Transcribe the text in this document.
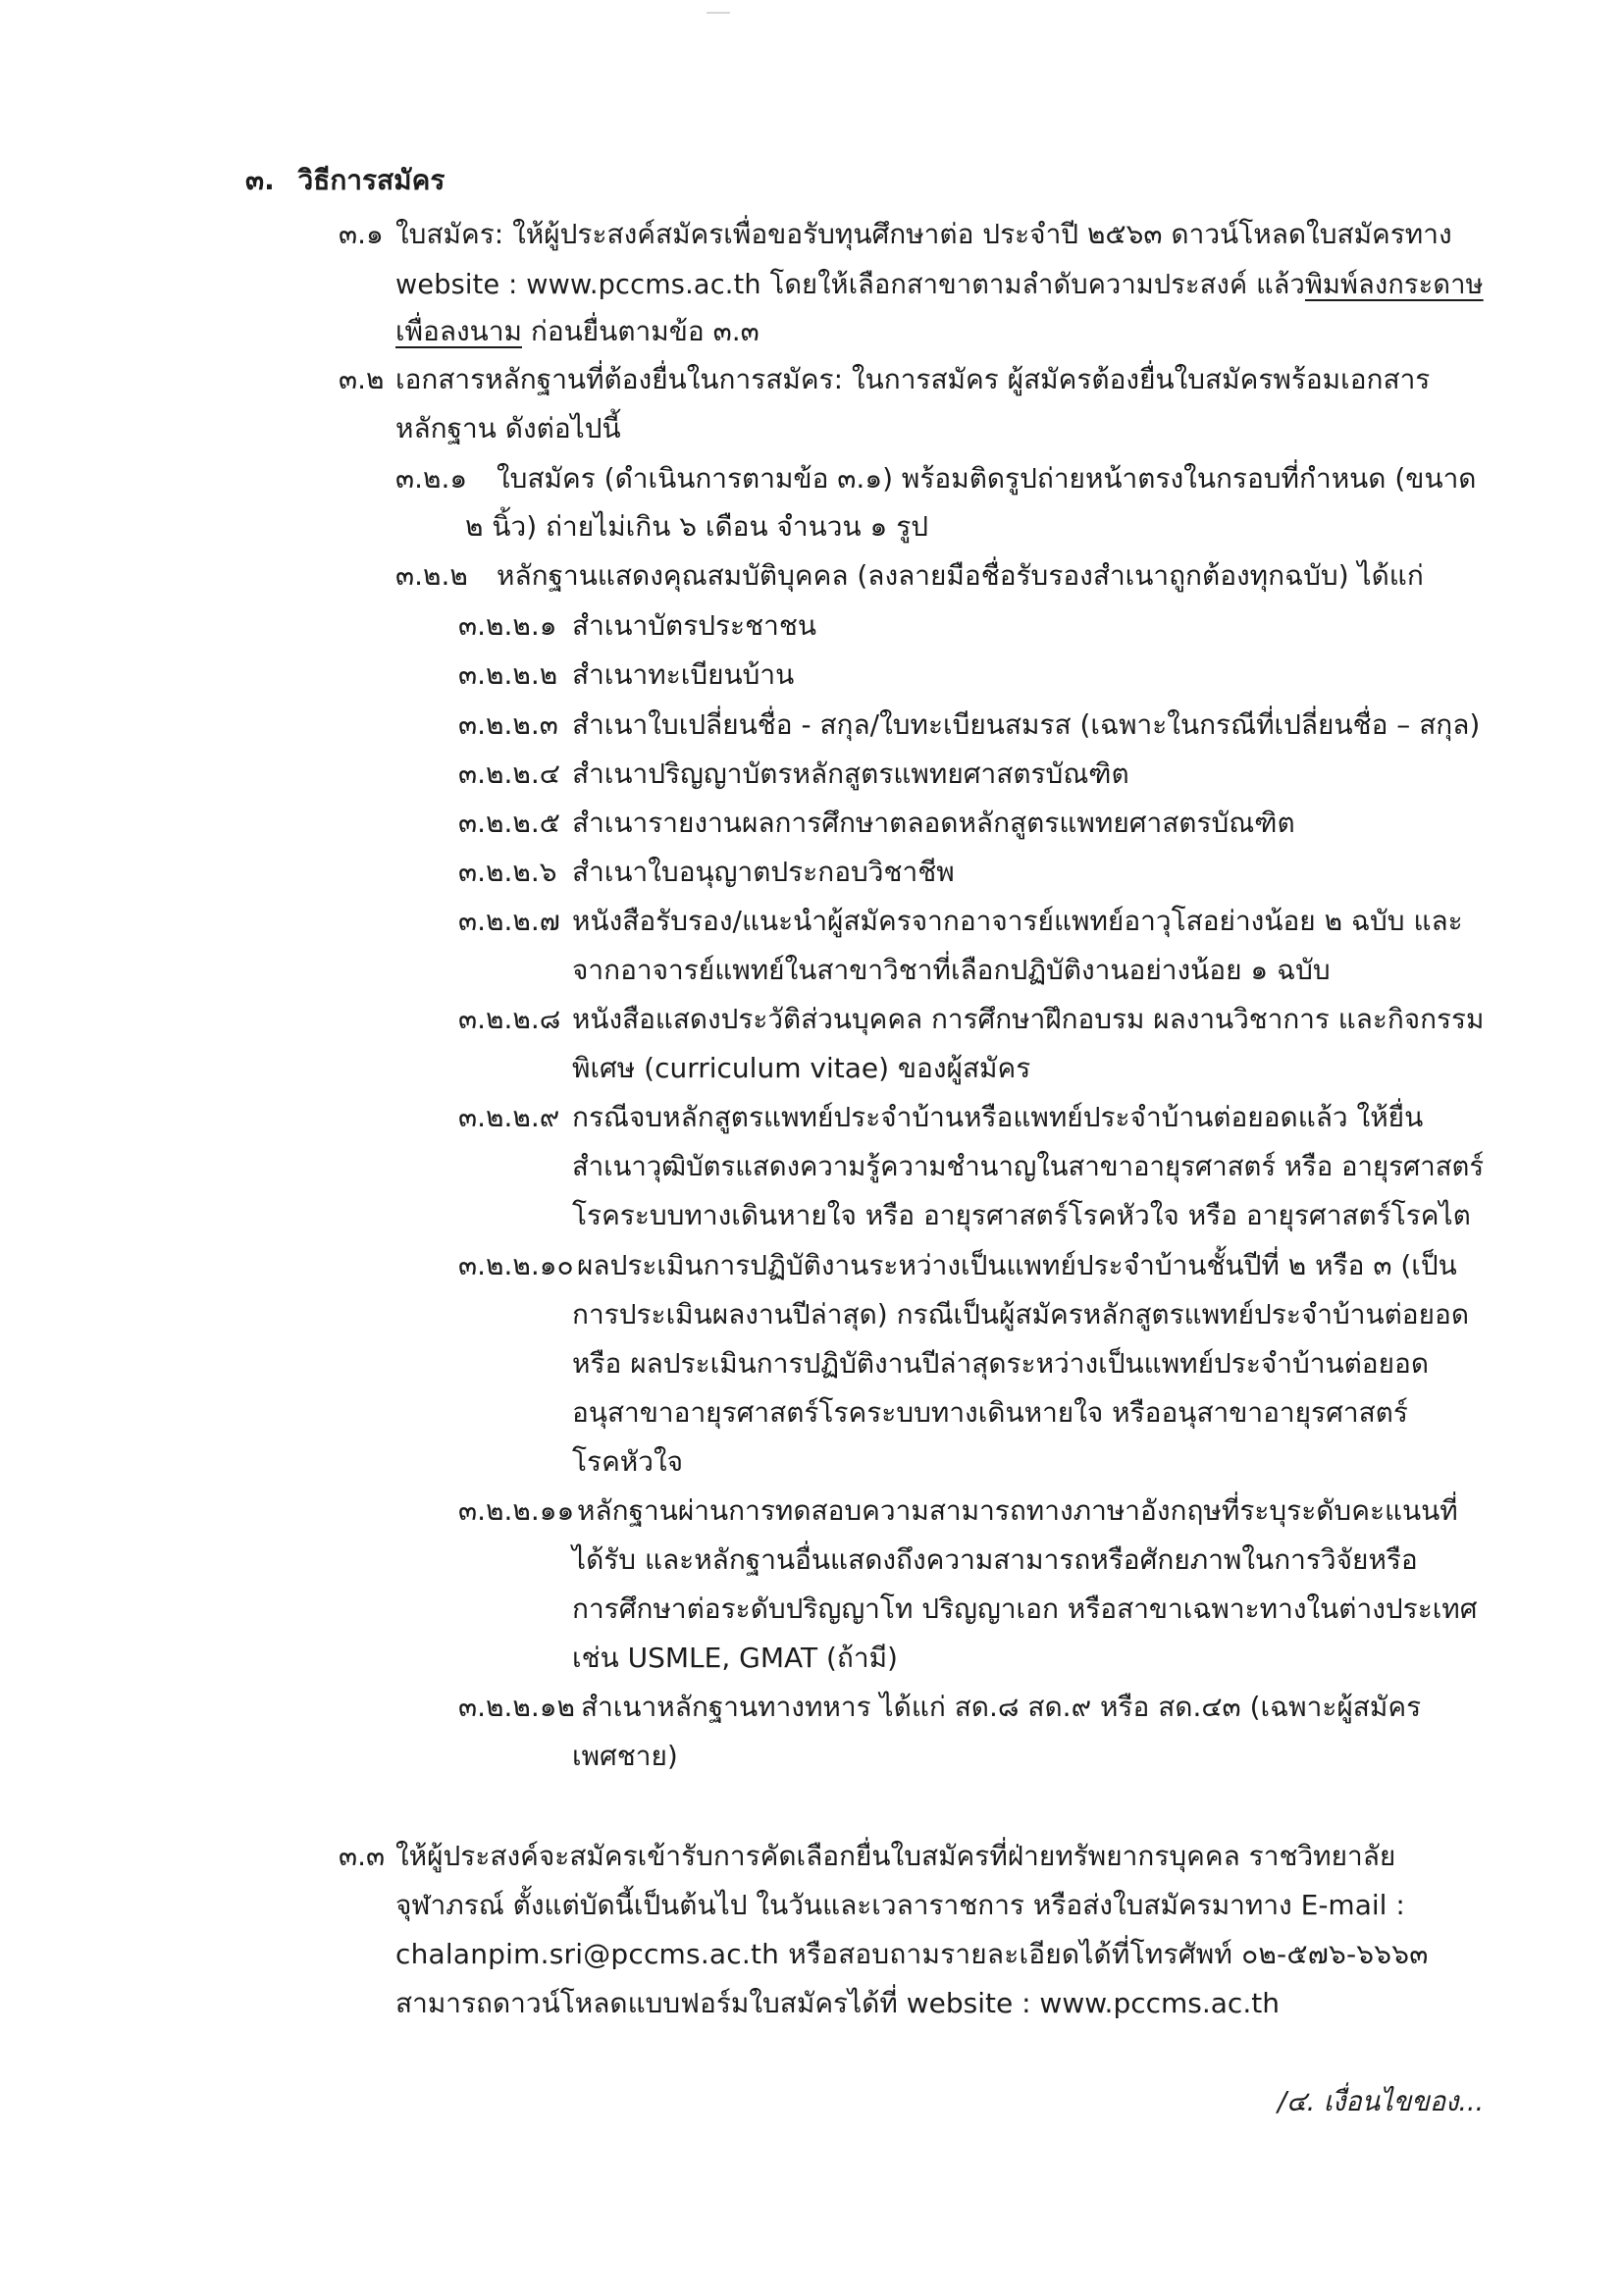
๓. วิธีการสมัคร
๓.๑ ใบสมัคร: ให้ผู้ประสงค์สมัครเพื่อขอรับทุนศึกษาต่อ ประจำปี ๒๕๖๓ ดาวน์โหลดใบสมัครทาง
website : www.pccms.ac.th โดยให้เลือกสาขาตามลำดับความประสงค์ แล้วพิมพ์ลงกระดาษ
เพื่อลงนาม ก่อนยื่นตามข้อ ๓.๓
๓.๒ เอกสารหลักฐานที่ต้องยื่นในการสมัคร: ในการสมัคร ผู้สมัครต้องยื่นใบสมัครพร้อมเอกสาร
หลักฐาน ดังต่อไปนี้
๓.๒.๑ ใบสมัคร (ดำเนินการตามข้อ ๓.๑) พร้อมติดรูปถ่ายหน้าตรงในกรอบที่กำหนด (ขนาด
๒ นิ้ว) ถ่ายไม่เกิน ๖ เดือน จำนวน ๑ รูป
๓.๒.๒ หลักฐานแสดงคุณสมบัติบุคคล (ลงลายมือชื่อรับรองสำเนาถูกต้องทุกฉบับ) ได้แก่
๓.๒.๒.๑ สำเนาบัตรประชาชน
๓.๒.๒.๒ สำเนาทะเบียนบ้าน
๓.๒.๒.๓ สำเนาใบเปลี่ยนชื่อ - สกุล/ใบทะเบียนสมรส (เฉพาะในกรณีที่เปลี่ยนชื่อ – สกุล)
๓.๒.๒.๔ สำเนาปริญญาบัตรหลักสูตรแพทยศาสตรบัณฑิต
๓.๒.๒.๕ สำเนารายงานผลการศึกษาตลอดหลักสูตรแพทยศาสตรบัณฑิต
๓.๒.๒.๖ สำเนาใบอนุญาตประกอบวิชาชีพ
๓.๒.๒.๗ หนังสือรับรอง/แนะนำผู้สมัครจากอาจารย์แพทย์อาวุโสอย่างน้อย ๒ ฉบับ และ
จากอาจารย์แพทย์ในสาขาวิชาที่เลือกปฏิบัติงานอย่างน้อย ๑ ฉบับ
๓.๒.๒.๘ หนังสือแสดงประวัติส่วนบุคคล การศึกษาฝึกอบรม ผลงานวิชาการ และกิจกรรม
พิเศษ (curriculum vitae) ของผู้สมัคร
๓.๒.๒.๙ กรณีจบหลักสูตรแพทย์ประจำบ้านหรือแพทย์ประจำบ้านต่อยอดแล้ว ให้ยื่น
สำเนาวุฒิบัตรแสดงความรู้ความชำนาญในสาขาอายุรศาสตร์ หรือ อายุรศาสตร์
โรคระบบทางเดินหายใจ หรือ อายุรศาสตร์โรคหัวใจ หรือ อายุรศาสตร์โรคไต
๓.๒.๒.๑๐ ผลประเมินการปฏิบัติงานระหว่างเป็นแพทย์ประจำบ้านชั้นปีที่ ๒ หรือ ๓ (เป็น
การประเมินผลงานปีล่าสุด) กรณีเป็นผู้สมัครหลักสูตรแพทย์ประจำบ้านต่อยอด
หรือ ผลประเมินการปฏิบัติงานปีล่าสุดระหว่างเป็นแพทย์ประจำบ้านต่อยอด
อนุสาขาอายุรศาสตร์โรคระบบทางเดินหายใจ หรืออนุสาขาอายุรศาสตร์
โรคหัวใจ
๓.๒.๒.๑๑ หลักฐานผ่านการทดสอบความสามารถทางภาษาอังกฤษที่ระบุระดับคะแนนที่
ได้รับ และหลักฐานอื่นแสดงถึงความสามารถหรือศักยภาพในการวิจัยหรือ
การศึกษาต่อระดับปริญญาโท ปริญญาเอก หรือสาขาเฉพาะทางในต่างประเทศ
เช่น USMLE, GMAT (ถ้ามี)
๓.๒.๒.๑๒ สำเนาหลักฐานทางทหาร ได้แก่ สด.๘ สด.๙ หรือ สด.๔๓ (เฉพาะผู้สมัคร
เพศชาย)
๓.๓ ให้ผู้ประสงค์จะสมัครเข้ารับการคัดเลือกยื่นใบสมัครที่ฝ่ายทรัพยากรบุคคล ราชวิทยาลัย
จุฬาภรณ์ ตั้งแต่บัดนี้เป็นต้นไป ในวันและเวลาราชการ หรือส่งใบสมัครมาทาง E-mail :
chalanpim.sri@pccms.ac.th หรือสอบถามรายละเอียดได้ที่โทรศัพท์ ๐๒-๕๗๖-๖๖๖๓
สามารถดาวน์โหลดแบบฟอร์มใบสมัครได้ที่ website : www.pccms.ac.th
/๔. เงื่อนไขของ...
